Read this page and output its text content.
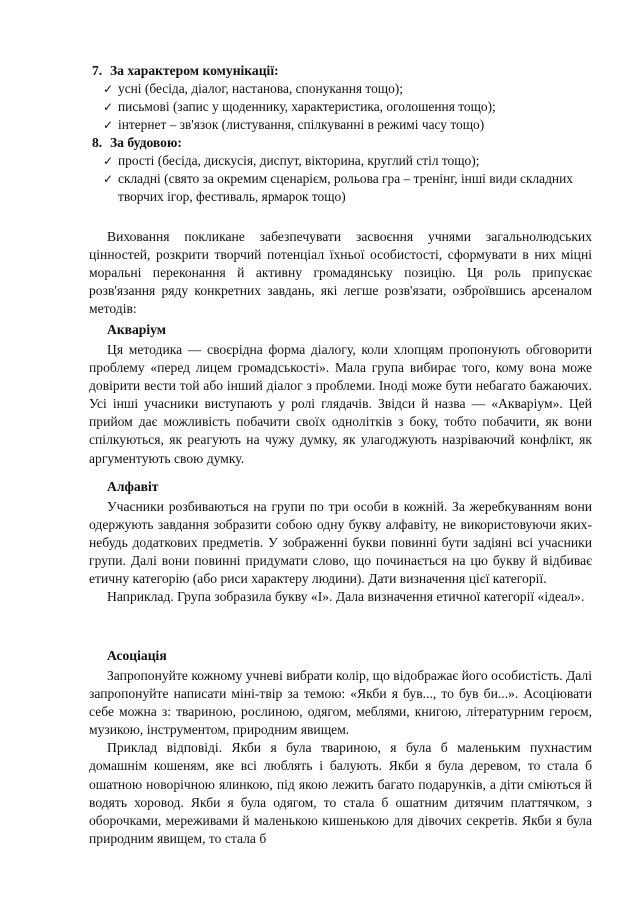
7. За характером комунікації:
✓ усні (бесіда, діалог, настанова, спонукання тощо);
✓ письмові (запис у щоденнику, характеристика, оголошення тощо);
✓ інтернет – зв'язок (листування, спілкуванні в режимі часу тощо)
8. За будовою:
✓ прості (бесіда, дискусія, диспут, вікторина, круглий стіл тощо);
✓ складні (свято за окремим сценарієм, рольова гра – тренінг, інші види складних творчих ігор, фестиваль, ярмарок тощо)

Виховання покликане забезпечувати засвоєння учнями загальнолюдських цінностей, розкрити творчий потенціал їхньої особистості, сформувати в них міцні моральні переконання й активну громадянську позицію. Ця роль припускає розв'язання ряду конкретних завдань, які легше розв'язати, озброївшись арсеналом методів:

Акваріум

Ця методика — своєрідна форма діалогу, коли хлопцям пропонують обговорити проблему «перед лицем громадськості». Мала група вибирає того, кому вона може довірити вести той або інший діалог з проблеми. Іноді може бути небагато бажаючих. Усі інші учасники виступають у ролі глядачів. Звідси й назва — «Акваріум». Цей прийом дає можливість побачити своїх однолітків з боку, тобто побачити, як вони спілкуються, як реагують на чужу думку, як улагоджують назріваючий конфлікт, як аргументують свою думку.

Алфавіт

Учасники розбиваються на групи по три особи в кожній. За жеребкуванням вони одержують завдання зобразити собою одну букву алфавіту, не використовуючи яких-небудь додаткових предметів. У зображенні букви повинні бути задіяні всі учасники групи. Далі вони повинні придумати слово, що починається на цю букву й відбиває етичну категорію (або риси характеру людини). Дати визначення цієї категорії.

Наприклад. Група зобразила букву «І». Дала визначення етичної категорії «ідеал».

Асоціація

Запропонуйте кожному учневі вибрати колір, що відображає його особистість. Далі запропонуйте написати міні-твір за темою: «Якби я був..., то був би...». Асоціювати себе можна з: твариною, рослиною, одягом, меблями, книгою, літературним героєм, музикою, інструментом, природним явищем.

Приклад відповіді. Якби я була твариною, я була б маленьким пухнастим домашнім кошеням, яке всі люблять і балують. Якби я була деревом, то стала б ошатною новорічною ялинкою, під якою лежить багато подарунків, а діти сміються й водять хоровод. Якби я була одягом, то стала б ошатним дитячим платтячком, з оборочками, мереживами й маленькою кишенькою для дівочих секретів. Якби я була природним явищем, то стала б
